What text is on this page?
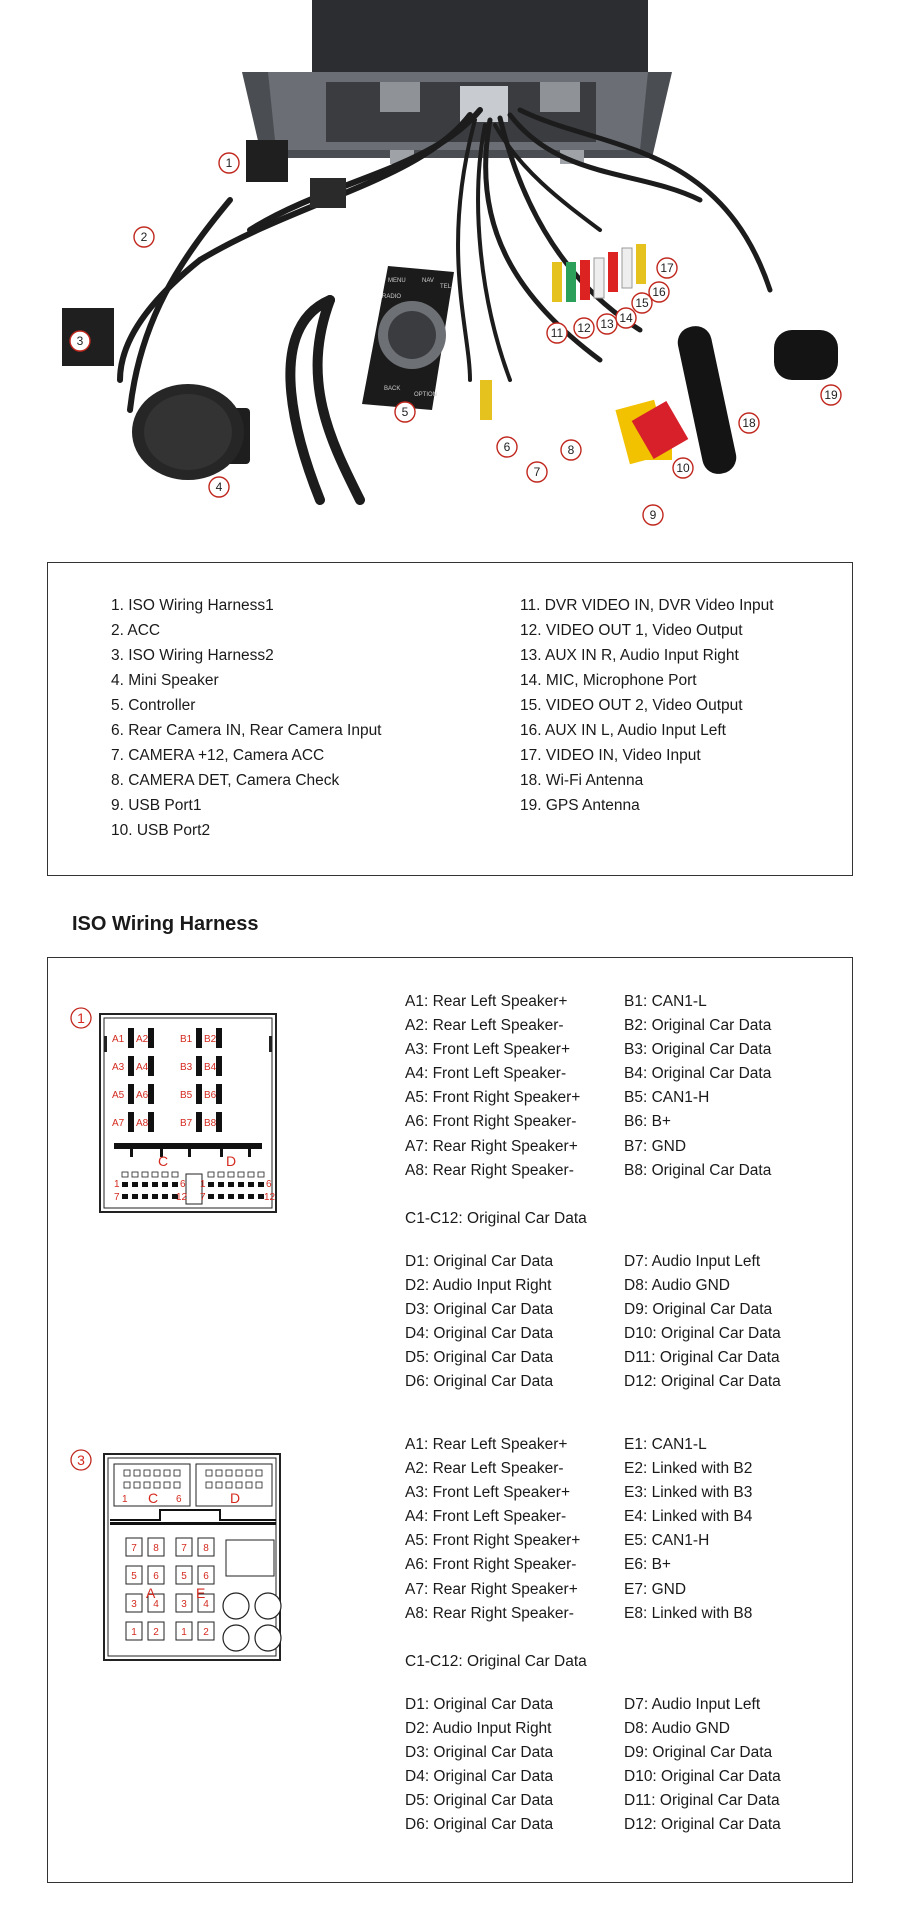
MENU	NAV
RADIO
TEL
BACK
OPTION
1
2
3
4
5
6
7
8
9
10
11 12 13 14
15
16
17
18
19
1. ISO Wiring Harness1
2. ACC
3. ISO Wiring Harness2
4. Mini Speaker
5. Controller
6. Rear Camera IN, Rear Camera Input
7. CAMERA +12, Camera ACC
8. CAMERA DET, Camera Check
9. USB Port1
10. USB Port2
11. DVR VIDEO IN, DVR Video Input
12. VIDEO OUT 1, Video Output
13. AUX IN R, Audio Input Right
14. MIC, Microphone Port
15. VIDEO OUT 2, Video Output
16. AUX IN L, Audio Input Left
17. VIDEO IN, Video Input
18. Wi-Fi Antenna
19. GPS Antenna
ISO Wiring Harness
1
A1 A2
A3 A4
A5 A6
A7 A8
B1 B2
B3 B4
B5 B6
B7 B8
C	D
1	6
7	12
1	6
7	12
A1: Rear Left Speaker+
A2: Rear Left Speaker-
A3: Front Left Speaker+
A4: Front Left Speaker-
A5: Front Right Speaker+
A6: Front Right Speaker-
A7: Rear Right Speaker+
A8: Rear Right Speaker-
B1: CAN1-L
B2: Original Car Data
B3: Original Car Data
B4: Original Car Data
B5: CAN1-H
B6: B+
B7: GND
B8: Original Car Data
C1-C12: Original Car Data
D1: Original Car Data
D2: Audio Input Right
D3: Original Car Data
D4: Original Car Data
D5: Original Car Data
D6: Original Car Data
D7: Audio Input Left
D8: Audio GND
D9: Original Car Data
D10: Original Car Data
D11: Original Car Data
D12: Original Car Data
3
1 C 6	D
7 8 7 8
5 6 5 6
3 4 3 4
1 2 1 2
A	E
A1: Rear Left Speaker+
A2: Rear Left Speaker-
A3: Front Left Speaker+
A4: Front Left Speaker-
A5: Front Right Speaker+
A6: Front Right Speaker-
A7: Rear Right Speaker+
A8: Rear Right Speaker-
E1: CAN1-L
E2: Linked with B2
E3: Linked with B3
E4: Linked with B4
E5: CAN1-H
E6: B+
E7: GND
E8: Linked with B8
C1-C12: Original Car Data
D1: Original Car Data
D2: Audio Input Right
D3: Original Car Data
D4: Original Car Data
D5: Original Car Data
D6: Original Car Data
D7: Audio Input Left
D8: Audio GND
D9: Original Car Data
D10: Original Car Data
D11: Original Car Data
D12: Original Car Data
